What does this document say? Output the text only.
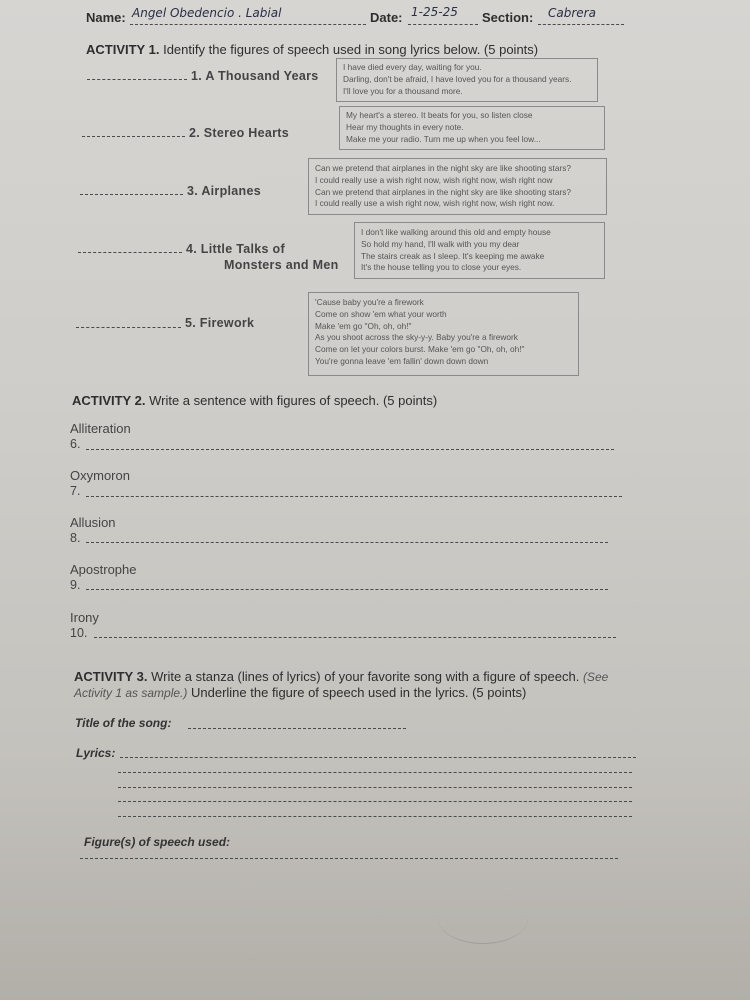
Name: Angel Obedencio . Labial	Date: 1-25-25 Section: Cabrera
ACTIVITY 1. Identify the figures of speech used in song lyrics below. (5 points)
1. A Thousand Years
I have died every day, waiting for you.
Darling, don't be afraid, I have loved you for a thousand years.
I'll love you for a thousand more.
2. Stereo Hearts
My heart's a stereo. It beats for you, so listen close
Hear my thoughts in every note.
Make me your radio. Turn me up when you feel low...
3. Airplanes
Can we pretend that airplanes in the night sky are like shooting stars?
I could really use a wish right now, wish right now, wish right now
Can we pretend that airplanes in the night sky are like shooting stars?
I could really use a wish right now, wish right now, wish right now.
4. Little Talks of
Monsters and Men
I don't like walking around this old and empty house
So hold my hand, I'll walk with you my dear
The stairs creak as I sleep. It's keeping me awake
It's the house telling you to close your eyes.
5. Firework
'Cause baby you're a firework
Come on show 'em what your worth
Make 'em go "Oh, oh, oh!"
As you shoot across the sky-y-y. Baby you're a firework
Come on let your colors burst. Make 'em go "Oh, oh, oh!"
You're gonna leave 'em fallin' down down down
ACTIVITY 2. Write a sentence with figures of speech. (5 points)
Alliteration
6.
Oxymoron
7.
Allusion
8.
Apostrophe
9.
Irony
10.
ACTIVITY 3. Write a stanza (lines of lyrics) of your favorite song with a figure of speech. (See
Activity 1 as sample.) Underline the figure of speech used in the lyrics. (5 points)
Title of the song:
Lyrics:
Figure(s) of speech used:
